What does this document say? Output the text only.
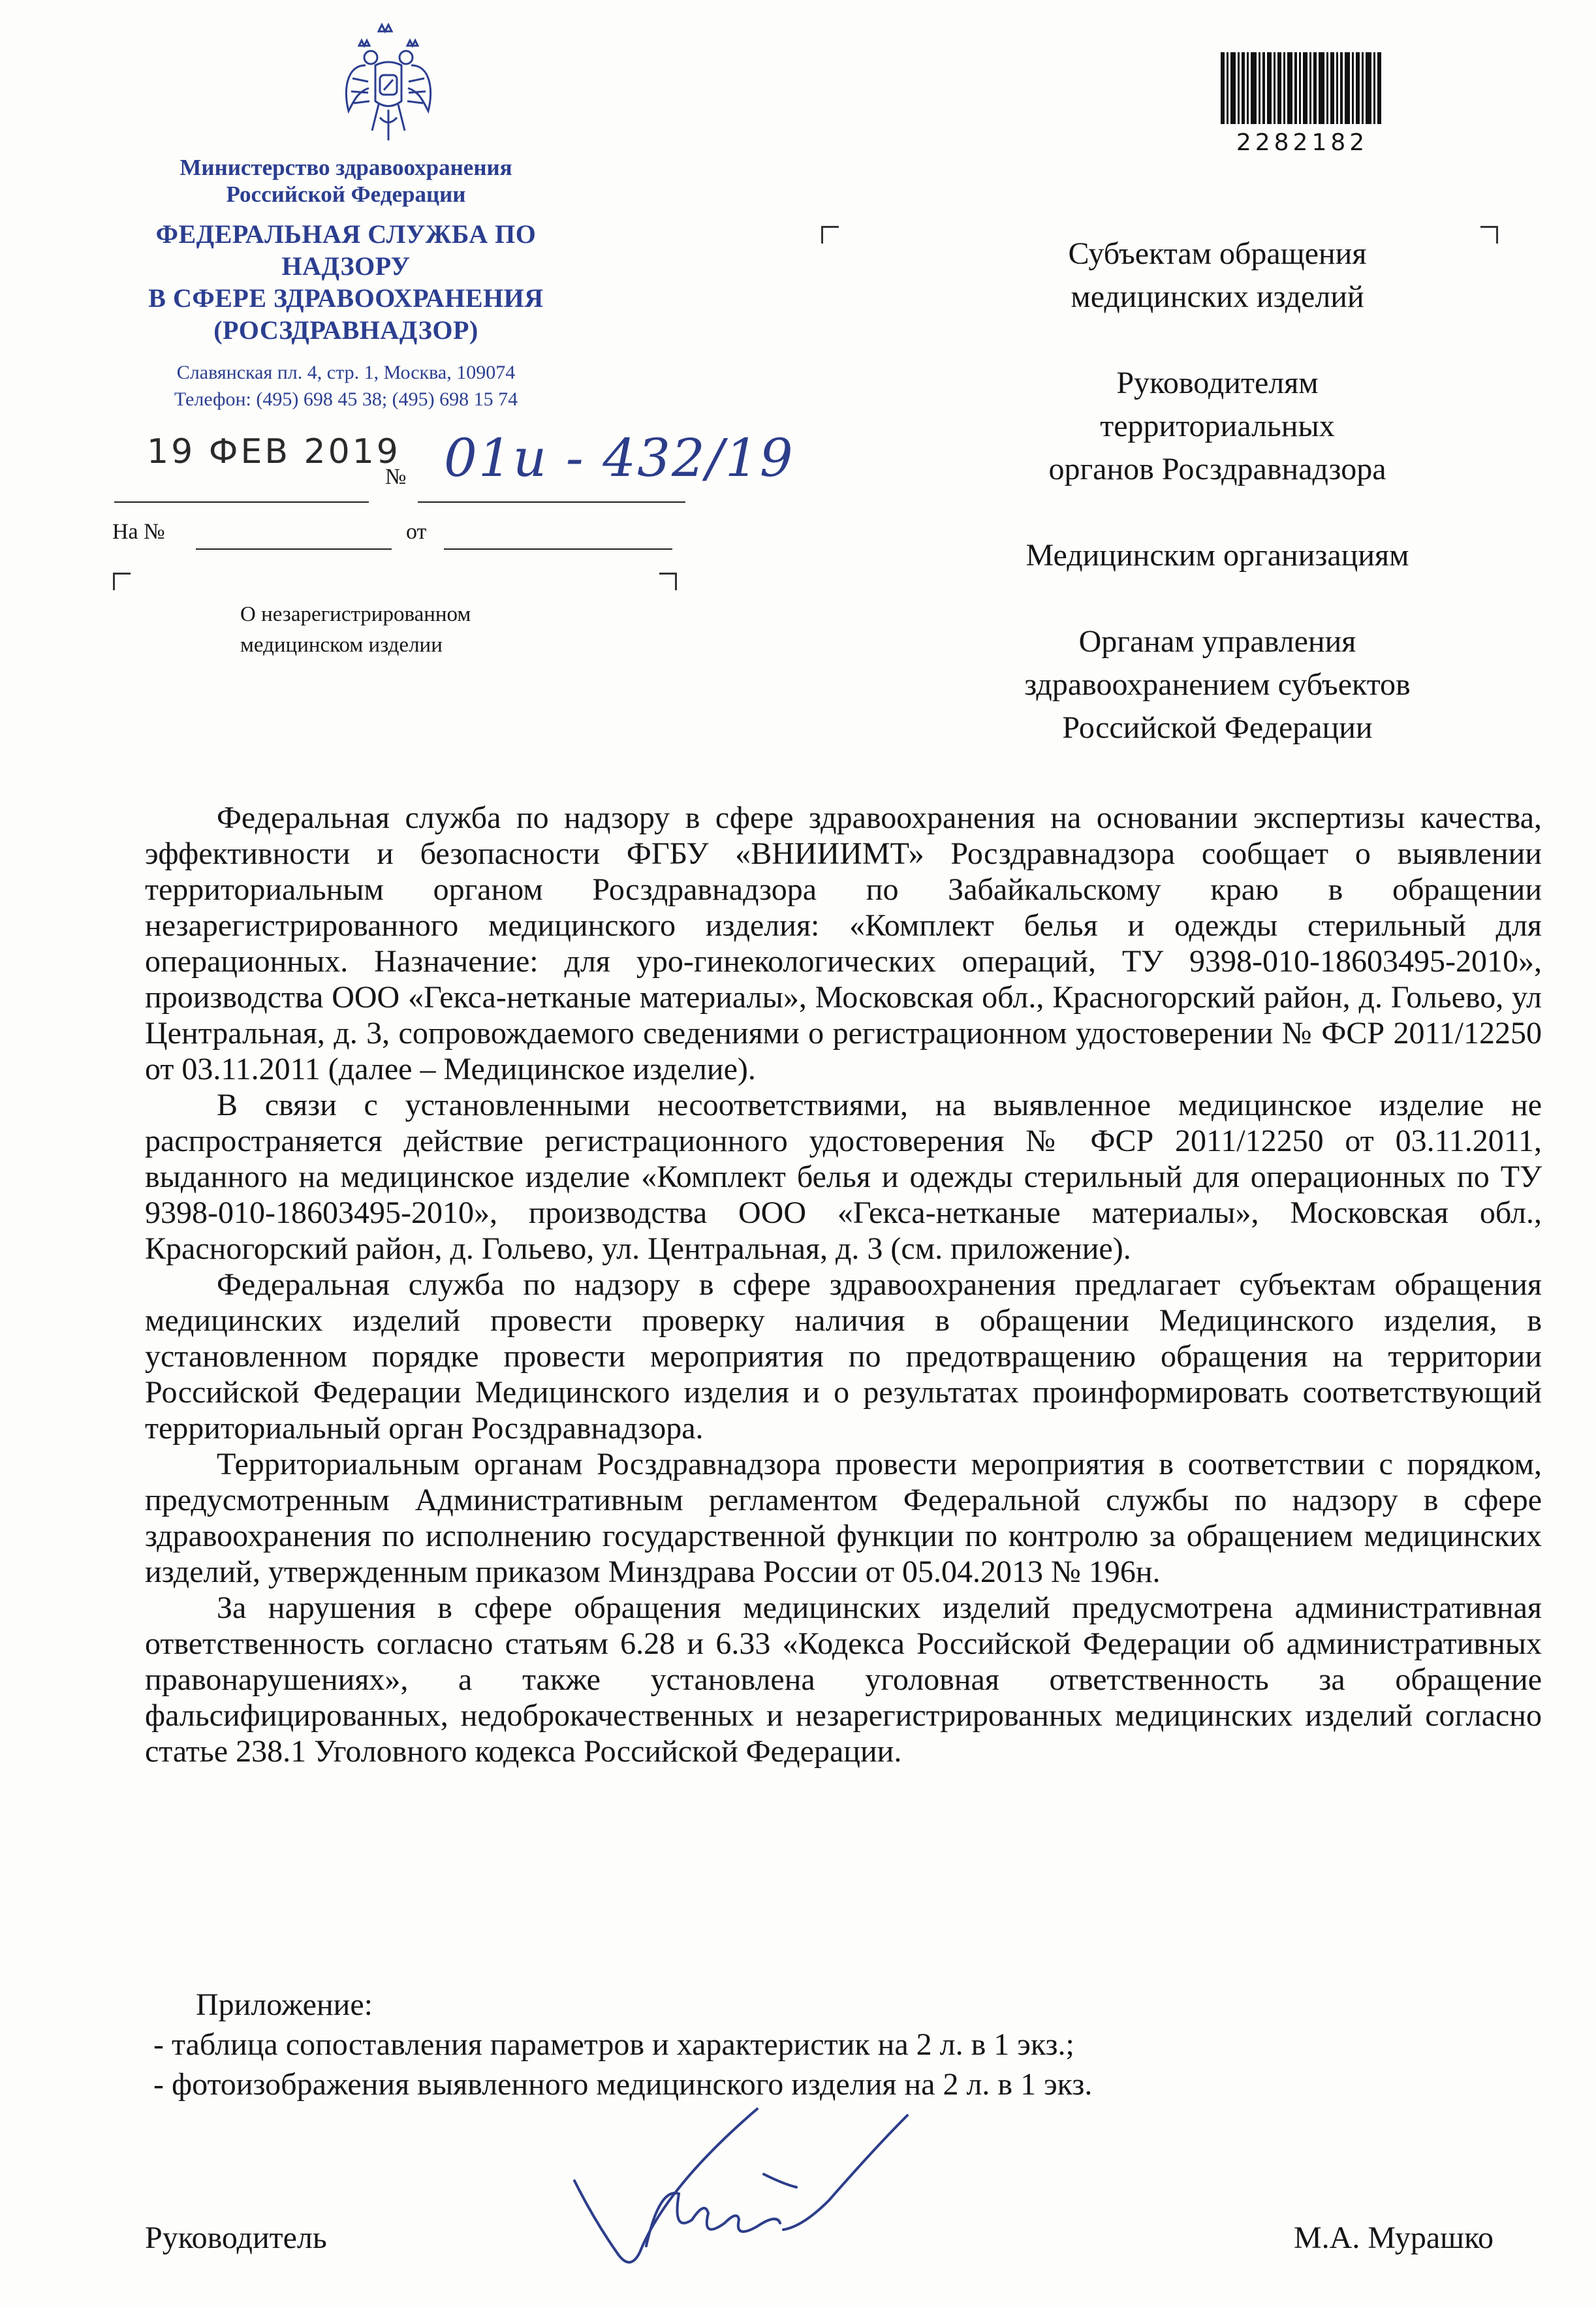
Министерство здравоохранения
Российской Федерации
ФЕДЕРАЛЬНАЯ СЛУЖБА ПО НАДЗОРУ
В СФЕРЕ ЗДРАВООХРАНЕНИЯ
(РОСЗДРАВНАДЗОР)
Славянская пл. 4, стр. 1, Москва, 109074
Телефон: (495) 698 45 38; (495) 698 15 74
19 ФЕВ 2019
№ 01и - 432/19
На №	от
О незарегистрированном
медицинском изделии
2282182
Субъектам обращения
медицинских изделий
Руководителям
территориальных
органов Росздравнадзора
Медицинским организациям
Органам управления
здравоохранением субъектов
Российской Федерации

Федеральная служба по надзору в сфере здравоохранения на основании экспертизы качества, эффективности и безопасности ФГБУ «ВНИИИМТ» Росздравнадзора сообщает о выявлении территориальным органом Росздравнадзора по Забайкальскому краю в обращении незарегистрированного медицинского изделия: «Комплект белья и одежды стерильный для операционных. Назначение: для уро-гинекологических операций, ТУ 9398-010-18603495-2010», производства ООО «Гекса-нетканые материалы», Московская обл., Красногорский район, д. Гольево, ул Центральная, д. 3, сопровождаемого сведениями о регистрационном удостоверении № ФСР 2011/12250 от 03.11.2011 (далее – Медицинское изделие).

В связи с установленными несоответствиями, на выявленное медицинское изделие не распространяется действие регистрационного удостоверения № ФСР 2011/12250 от 03.11.2011, выданного на медицинское изделие «Комплект белья и одежды стерильный для операционных по ТУ 9398-010-18603495-2010», производства ООО «Гекса-нетканые материалы», Московская обл., Красногорский район, д. Гольево, ул. Центральная, д. 3 (см. приложение).

Федеральная служба по надзору в сфере здравоохранения предлагает субъектам обращения медицинских изделий провести проверку наличия в обращении Медицинского изделия, в установленном порядке провести мероприятия по предотвращению обращения на территории Российской Федерации Медицинского изделия и о результатах проинформировать соответствующий территориальный орган Росздравнадзора.

Территориальным органам Росздравнадзора провести мероприятия в соответствии с порядком, предусмотренным Административным регламентом Федеральной службы по надзору в сфере здравоохранения по исполнению государственной функции по контролю за обращением медицинских изделий, утвержденным приказом Минздрава России от 05.04.2013 № 196н.

За нарушения в сфере обращения медицинских изделий предусмотрена административная ответственность согласно статьям 6.28 и 6.33 «Кодекса Российской Федерации об административных правонарушениях», а также установлена уголовная ответственность за обращение фальсифицированных, недоброкачественных и незарегистрированных медицинских изделий согласно статье 238.1 Уголовного кодекса Российской Федерации.

Приложение:
- таблица сопоставления параметров и характеристик на 2 л. в 1 экз.;
- фотоизображения выявленного медицинского изделия на 2 л. в 1 экз.
Руководитель	М.А. Мурашко
